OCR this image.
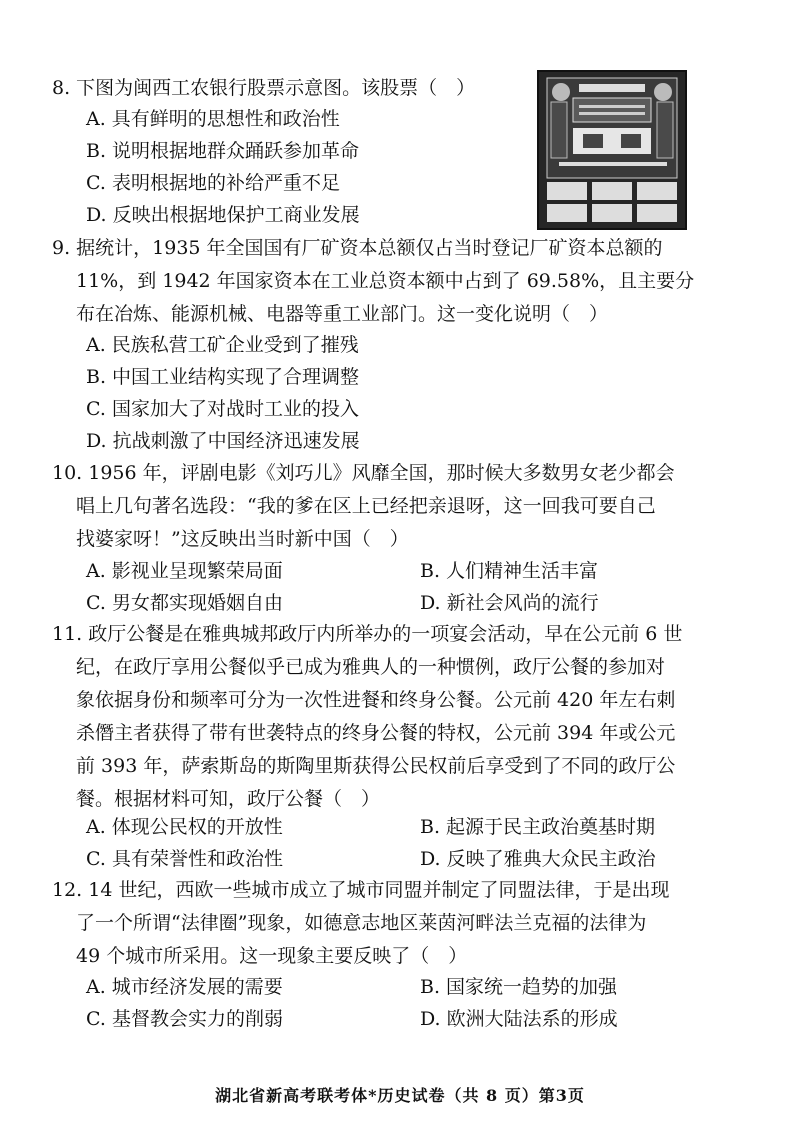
8. 下图为闽西工农银行股票示意图。该股票（　）
A. 具有鲜明的思想性和政治性
B. 说明根据地群众踊跃参加革命
C. 表明根据地的补给严重不足
D. 反映出根据地保护工商业发展
9. 据统计，1935 年全国国有厂矿资本总额仅占当时登记厂矿资本总额的
11%，到 1942 年国家资本在工业总资本额中占到了 69.58%，且主要分
布在冶炼、能源机械、电器等重工业部门。这一变化说明（　）
A. 民族私营工矿企业受到了摧残
B. 中国工业结构实现了合理调整
C. 国家加大了对战时工业的投入
D. 抗战刺激了中国经济迅速发展
10. 1956 年，评剧电影《刘巧儿》风靡全国，那时候大多数男女老少都会
唱上几句著名选段：“我的爹在区上已经把亲退呀，这一回我可要自己
找婆家呀！”这反映出当时新中国（　）
A. 影视业呈现繁荣局面	B. 人们精神生活丰富
C. 男女都实现婚姻自由	D. 新社会风尚的流行
11. 政厅公餐是在雅典城邦政厅内所举办的一项宴会活动，早在公元前 6 世
纪，在政厅享用公餐似乎已成为雅典人的一种惯例，政厅公餐的参加对
象依据身份和频率可分为一次性进餐和终身公餐。公元前 420 年左右刺
杀僭主者获得了带有世袭特点的终身公餐的特权，公元前 394 年或公元
前 393 年，萨索斯岛的斯陶里斯获得公民权前后享受到了不同的政厅公
餐。根据材料可知，政厅公餐（　）
A. 体现公民权的开放性	B. 起源于民主政治奠基时期
C. 具有荣誉性和政治性	D. 反映了雅典大众民主政治
12. 14 世纪，西欧一些城市成立了城市同盟并制定了同盟法律，于是出现
了一个所谓“法律圈”现象，如德意志地区莱茵河畔法兰克福的法律为
49 个城市所采用。这一现象主要反映了（　）
A. 城市经济发展的需要	B. 国家统一趋势的加强
C. 基督教会实力的削弱	D. 欧洲大陆法系的形成
湖北省新高考联考体*历史试卷（共 8 页）第3页
